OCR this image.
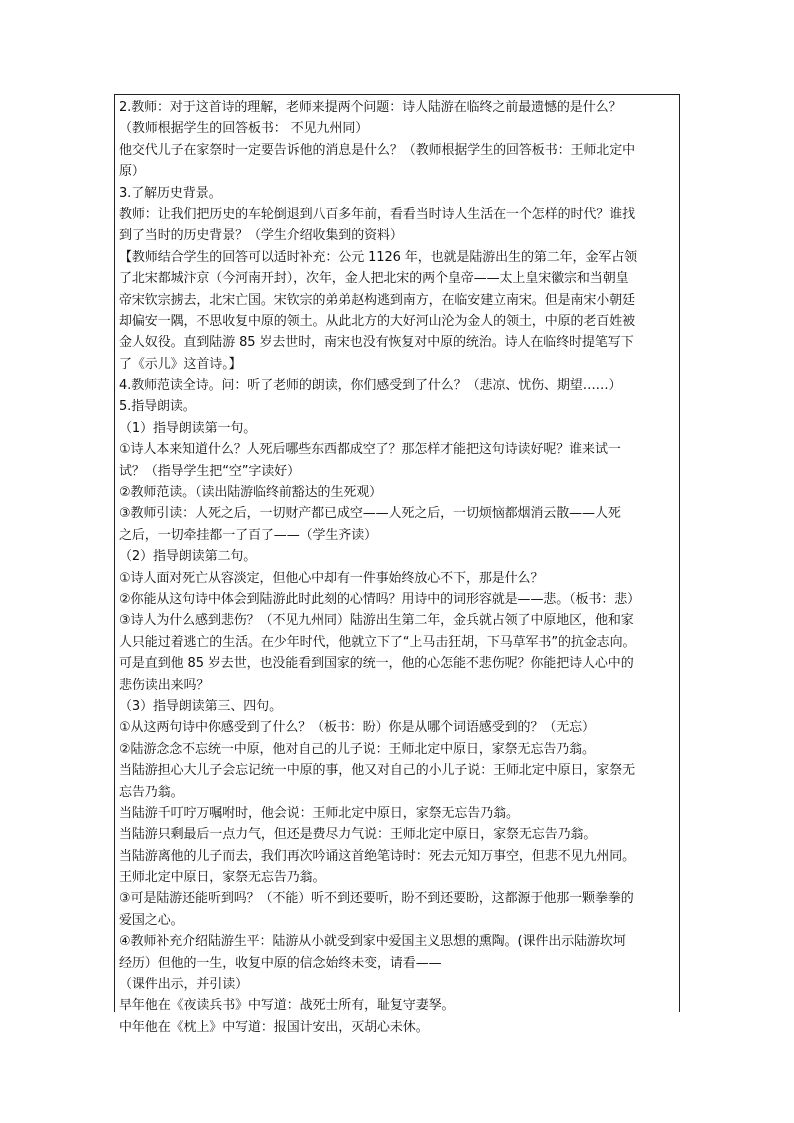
2.教师：对于这首诗的理解，老师来提两个问题：诗人陆游在临终之前最遗憾的是什么？
（教师根据学生的回答板书： 不见九州同）
他交代儿子在家祭时一定要告诉他的消息是什么？（教师根据学生的回答板书：王师北定中
原）
3.了解历史背景。
教师：让我们把历史的车轮倒退到八百多年前，看看当时诗人生活在一个怎样的时代？谁找
到了当时的历史背景？（学生介绍收集到的资料）
【教师结合学生的回答可以适时补充：公元 1126 年，也就是陆游出生的第二年，金军占领
了北宋都城汴京（今河南开封），次年，金人把北宋的两个皇帝——太上皇宋徽宗和当朝皇
帝宋钦宗掳去，北宋亡国。宋钦宗的弟弟赵构逃到南方，在临安建立南宋。但是南宋小朝廷
却偏安一隅，不思收复中原的领土。从此北方的大好河山沦为金人的领土，中原的老百姓被
金人奴役。直到陆游 85 岁去世时，南宋也没有恢复对中原的统治。诗人在临终时提笔写下
了《示儿》这首诗。】
4.教师范读全诗。问：听了老师的朗读，你们感受到了什么？（悲凉、忧伤、期望……）
5.指导朗读。
（1）指导朗读第一句。
①诗人本来知道什么？人死后哪些东西都成空了？那怎样才能把这句诗读好呢？谁来试一
试？（指导学生把“空”字读好）
②教师范读。（读出陆游临终前豁达的生死观）
③教师引读：人死之后，一切财产都已成空——人死之后，一切烦恼都烟消云散——人死
之后，一切牵挂都一了百了——（学生齐读）
（2）指导朗读第二句。
①诗人面对死亡从容淡定，但他心中却有一件事始终放心不下，那是什么？
②你能从这句诗中体会到陆游此时此刻的心情吗？用诗中的词形容就是——悲。（板书：悲）
③诗人为什么感到悲伤？（不见九州同）陆游出生第二年，金兵就占领了中原地区，他和家
人只能过着逃亡的生活。在少年时代，他就立下了“上马击狂胡，下马草军书”的抗金志向。
可是直到他 85 岁去世，也没能看到国家的统一，他的心怎能不悲伤呢？你能把诗人心中的
悲伤读出来吗？
（3）指导朗读第三、四句。
①从这两句诗中你感受到了什么？（板书：盼）你是从哪个词语感受到的？（无忘）
②陆游念念不忘统一中原，他对自己的儿子说：王师北定中原日，家祭无忘告乃翁。
当陆游担心大儿子会忘记统一中原的事，他又对自己的小儿子说：王师北定中原日，家祭无
忘告乃翁。
当陆游千叮咛万嘱咐时，他会说：王师北定中原日，家祭无忘告乃翁。
当陆游只剩最后一点力气，但还是费尽力气说：王师北定中原日，家祭无忘告乃翁。
当陆游离他的儿子而去，我们再次吟诵这首绝笔诗时：死去元知万事空，但悲不见九州同。
王师北定中原日，家祭无忘告乃翁。
③可是陆游还能听到吗？（不能）听不到还要听，盼不到还要盼，这都源于他那一颗拳拳的
爱国之心。
④教师补充介绍陆游生平：陆游从小就受到家中爱国主义思想的熏陶。(课件出示陆游坎坷
经历）但他的一生，收复中原的信念始终未变，请看——
（课件出示，并引读）
早年他在《夜读兵书》中写道：战死士所有，耻复守妻孥。
中年他在《枕上》中写道：报国计安出，灭胡心未休。
